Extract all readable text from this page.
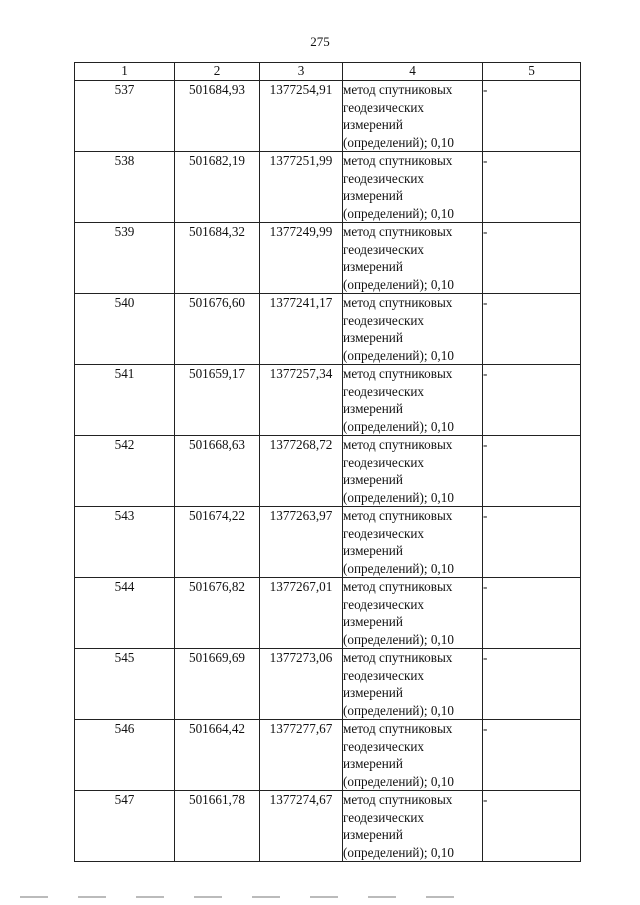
275
1	2	3	4	5
537	501684,93	1377254,91	метод спутниковых
геодезических
измерений
(определений); 0,10	-
538	501682,19	1377251,99	метод спутниковых
геодезических
измерений
(определений); 0,10	-
539	501684,32	1377249,99	метод спутниковых
геодезических
измерений
(определений); 0,10	-
540	501676,60	1377241,17	метод спутниковых
геодезических
измерений
(определений); 0,10	-
541	501659,17	1377257,34	метод спутниковых
геодезических
измерений
(определений); 0,10	-
542	501668,63	1377268,72	метод спутниковых
геодезических
измерений
(определений); 0,10	-
543	501674,22	1377263,97	метод спутниковых
геодезических
измерений
(определений); 0,10	-
544	501676,82	1377267,01	метод спутниковых
геодезических
измерений
(определений); 0,10	-
545	501669,69	1377273,06	метод спутниковых
геодезических
измерений
(определений); 0,10	-
546	501664,42	1377277,67	метод спутниковых
геодезических
измерений
(определений); 0,10	-
547	501661,78	1377274,67	метод спутниковых
геодезических
измерений
(определений); 0,10	-
